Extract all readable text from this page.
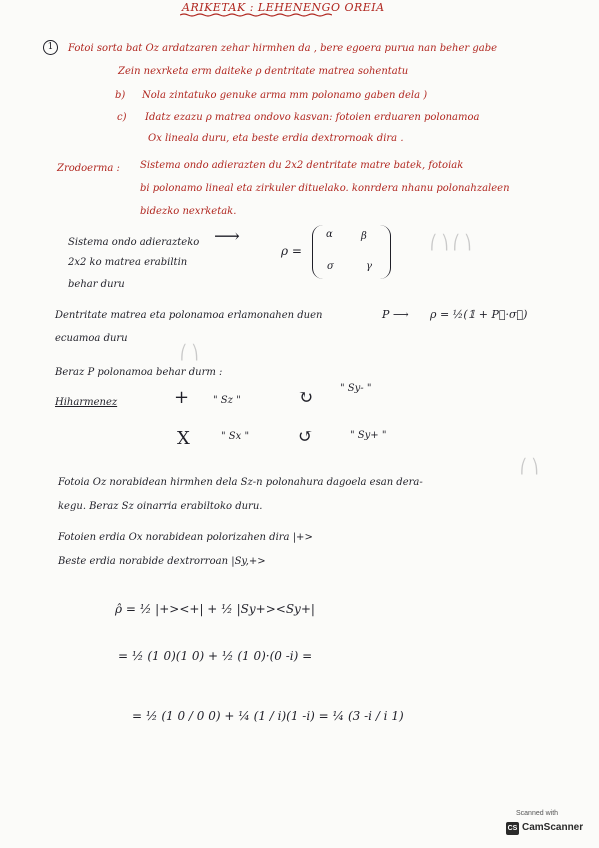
ARIKETAK : LEHENENGO OREIA
1	Fotoi sorta bat Oz ardatzaren zehar hirmhen da , bere egoera purua nan beher gabe
Zein nexrketa erm daiteke ρ dentritate matrea sohentatu
b) Nola zintatuko genuke arma mm polonamo gaben dela )
c) Idatz ezazu ρ matrea ondovo kasvan: fotoien erduaren polonamoa
Ox lineala duru, eta beste erdia dextrornoak dira .
Zrodoerma : Sistema ondo adierazten du 2x2 dentritate matre batek, fotoiak
bi polonamo lineal eta zirkuler dituelako. konrdera nhanu polonahzaleen
bidezko nexrketak.
Sistema ondo adierazteko
2x2 ko matrea erabiltin
behar duru
⟶
ρ =
α	β
σ	γ
⎛ ⎞ ⎛ ⎞
⎛ ⎞
⎛ ⎞
Dentritate matrea eta polonamoa erlamonahen duen
ecuamoa duru
P ⟶ ρ = ½(𝟙 + P⃗·σ⃗)
Beraz P polonamoa behar durm :
Hiharmenez	+ " Sz "	↻	" Sy- "
X	" Sx "	↺	" Sy+ "
Fotoia Oz norabidean hirmhen dela Sz-n polonahura dagoela esan dera-
kegu. Beraz Sz oinarria erabiltoko duru.
Fotoien erdia Ox norabidean polorizahen dira |+>
Beste erdia norabide dextrorroan |Sy,+>
ρ̂ = ½ |+><+| + ½ |Sy+><Sy+|
= ½ (1 0)(1 0) + ½ (1 0)·(0 -i) =
= ½ (1 0 / 0 0) + ¼ (1 / i)(1 -i) = ¼ (3 -i / i 1)
Scanned with
CS CamScanner
